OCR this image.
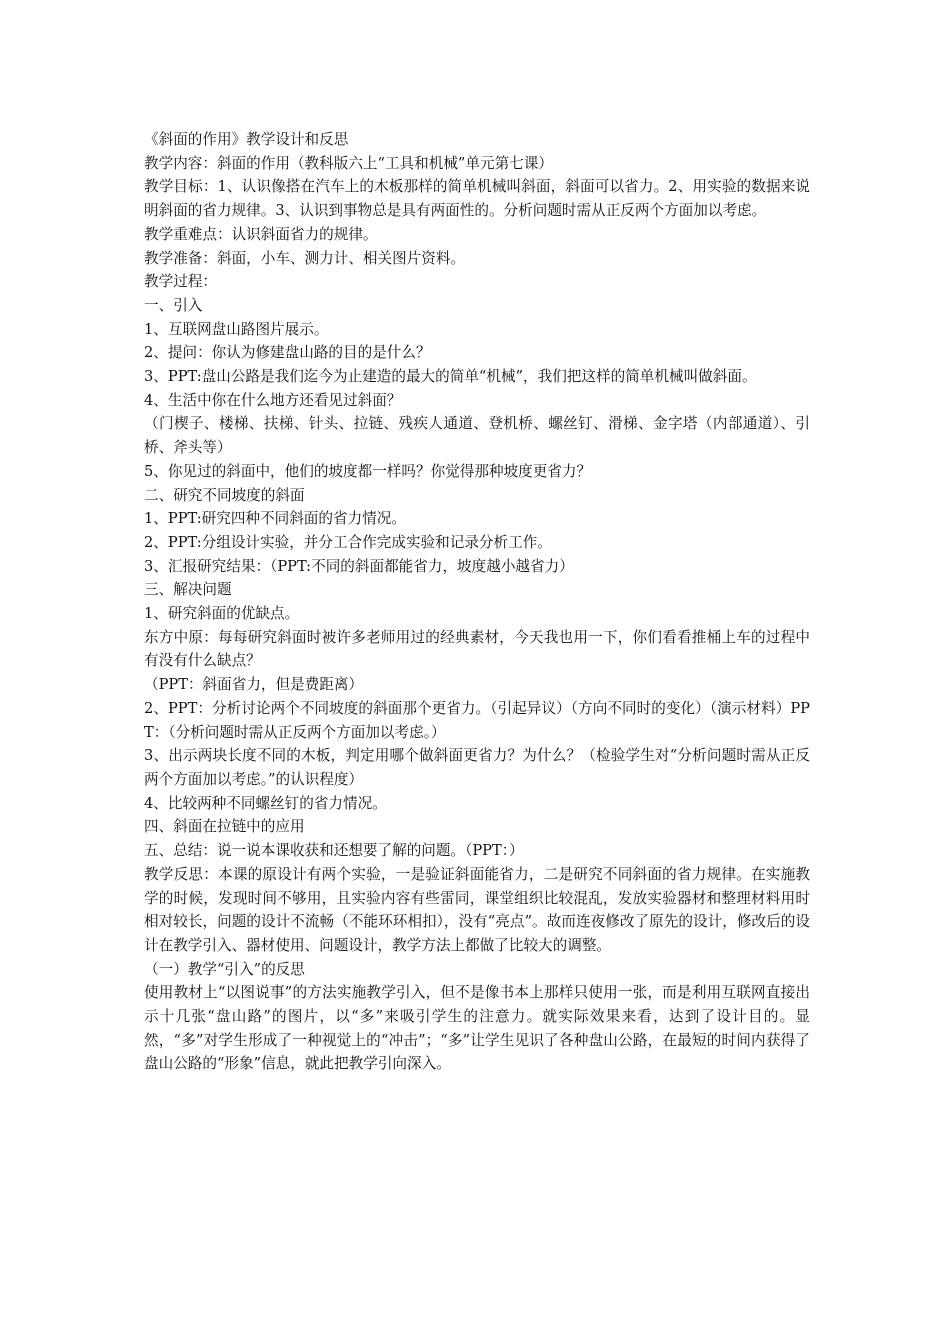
《斜面的作用》教学设计和反思

教学内容：斜面的作用（教科版六上“工具和机械”单元第七课）

教学目标：1、认识像搭在汽车上的木板那样的简单机械叫斜面，斜面可以省力。2、用实验的数据来说明斜面的省力规律。3、认识到事物总是具有两面性的。分析问题时需从正反两个方面加以考虑。

教学重难点：认识斜面省力的规律。

教学准备：斜面，小车、测力计、相关图片资料。

教学过程：

一、引入

1、互联网盘山路图片展示。

2、提问：你认为修建盘山路的目的是什么？

3、PPT:盘山公路是我们迄今为止建造的最大的简单“机械”，我们把这样的简单机械叫做斜面。

4、生活中你在什么地方还看见过斜面？

（门楔子、楼梯、扶梯、针头、拉链、残疾人通道、登机桥、螺丝钉、滑梯、金字塔（内部通道）、引桥、斧头等）

5、你见过的斜面中，他们的坡度都一样吗？你觉得那种坡度更省力？

二、研究不同坡度的斜面

1、PPT:研究四种不同斜面的省力情况。

2、PPT:分组设计实验，并分工合作完成实验和记录分析工作。

3、汇报研究结果：（PPT:不同的斜面都能省力，坡度越小越省力）

三、解决问题

1、研究斜面的优缺点。

东方中原：每每研究斜面时被许多老师用过的经典素材，今天我也用一下，你们看看推桶上车的过程中有没有什么缺点？

（PPT：斜面省力，但是费距离）

2、PPT：分析讨论两个不同坡度的斜面那个更省力。（引起异议）（方向不同时的变化）（演示材料）PPT：（分析问题时需从正反两个方面加以考虑。）

3、出示两块长度不同的木板，判定用哪个做斜面更省力？为什么？（检验学生对“分析问题时需从正反两个方面加以考虑。”的认识程度）

4、比较两种不同螺丝钉的省力情况。

四、斜面在拉链中的应用

五、总结：说一说本课收获和还想要了解的问题。（PPT：）

教学反思：本课的原设计有两个实验，一是验证斜面能省力，二是研究不同斜面的省力规律。在实施教学的时候，发现时间不够用，且实验内容有些雷同，课堂组织比较混乱，发放实验器材和整理材料用时相对较长，问题的设计不流畅（不能环环相扣），没有“亮点”。故而连夜修改了原先的设计，修改后的设计在教学引入、器材使用、问题设计，教学方法上都做了比较大的调整。

（一）教学“引入”的反思

使用教材上“以图说事”的方法实施教学引入，但不是像书本上那样只使用一张，而是利用互联网直接出示十几张“盘山路”的图片，以“多”来吸引学生的注意力。就实际效果来看，达到了设计目的。显然，“多”对学生形成了一种视觉上的“冲击”；“多”让学生见识了各种盘山公路，在最短的时间内获得了盘山公路的“形象”信息，就此把教学引向深入。
